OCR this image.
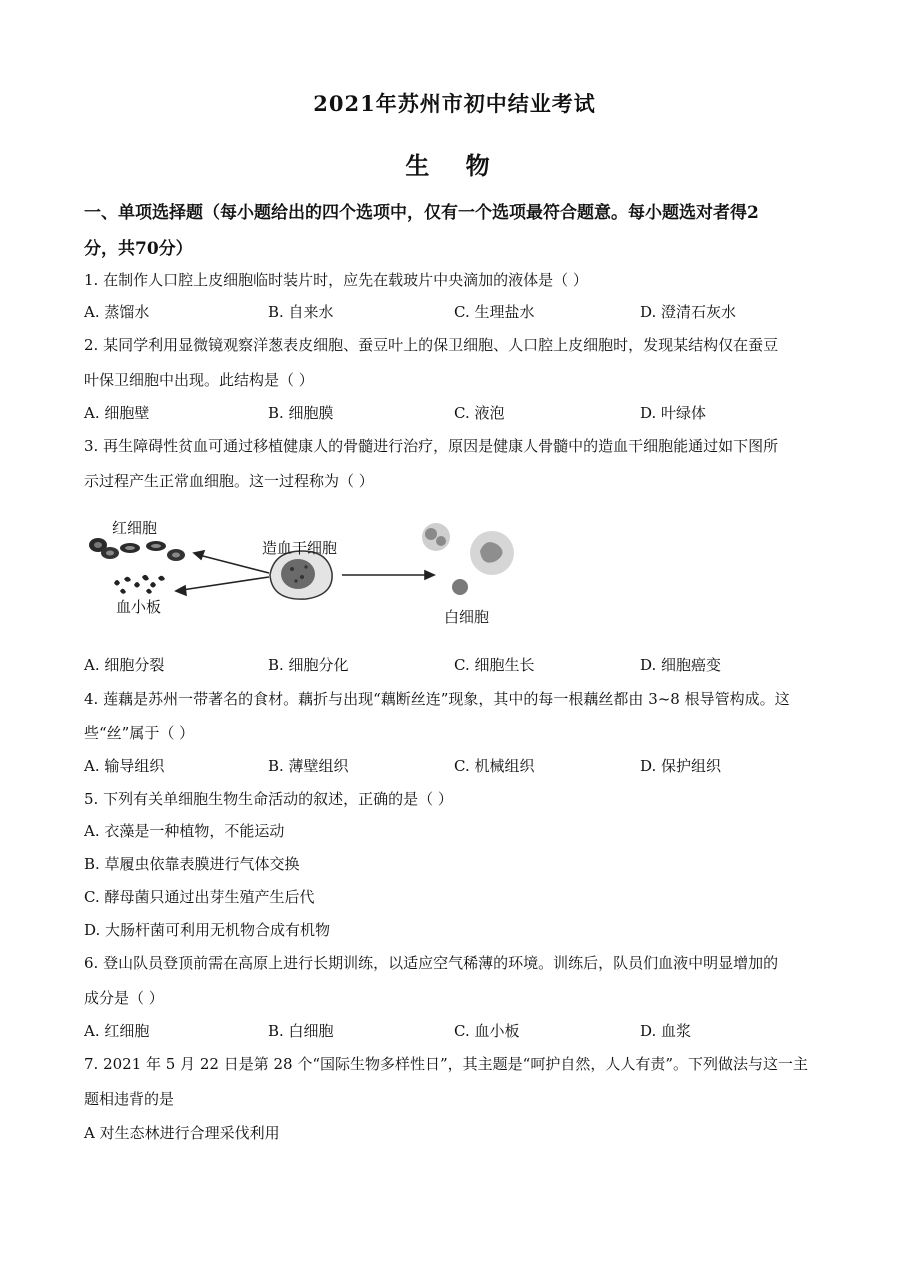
2021年苏州市初中结业考试
生 物
一、单项选择题（每小题给出的四个选项中，仅有一个选项最符合题意。每小题选对者得2
分，共70分）
1. 在制作人口腔上皮细胞临时装片时，应先在载玻片中央滴加的液体是（ ）
A. 蒸馏水	B. 自来水	C. 生理盐水	D. 澄清石灰水
2. 某同学利用显微镜观察洋葱表皮细胞、蚕豆叶上的保卫细胞、人口腔上皮细胞时，发现某结构仅在蚕豆
叶保卫细胞中出现。此结构是（ ）
A. 细胞壁	B. 细胞膜	C. 液泡	D. 叶绿体
3. 再生障碍性贫血可通过移植健康人的骨髓进行治疗，原因是健康人骨髓中的造血干细胞能通过如下图所
示过程产生正常血细胞。这一过程称为（ ）
红细胞
造血干细胞
血小板
白细胞
A. 细胞分裂	B. 细胞分化	C. 细胞生长	D. 细胞癌变
4. 莲藕是苏州一带著名的食材。藕折与出现“藕断丝连”现象，其中的每一根藕丝都由 3~8 根导管构成。这
些“丝”属于（ ）
A. 输导组织	B. 薄壁组织	C. 机械组织	D. 保护组织
5. 下列有关单细胞生物生命活动的叙述，正确的是（ ）
A. 衣藻是一种植物，不能运动
B. 草履虫依靠表膜进行气体交换
C. 酵母菌只通过出芽生殖产生后代
D. 大肠杆菌可利用无机物合成有机物
6. 登山队员登顶前需在高原上进行长期训练，以适应空气稀薄的环境。训练后，队员们血液中明显增加的
成分是（ ）
A. 红细胞	B. 白细胞	C. 血小板	D. 血浆
7. 2021 年 5 月 22 日是第 28 个“国际生物多样性日”，其主题是“呵护自然，人人有责”。下列做法与这一主
题相违背的是
A 对生态林进行合理采伐利用
